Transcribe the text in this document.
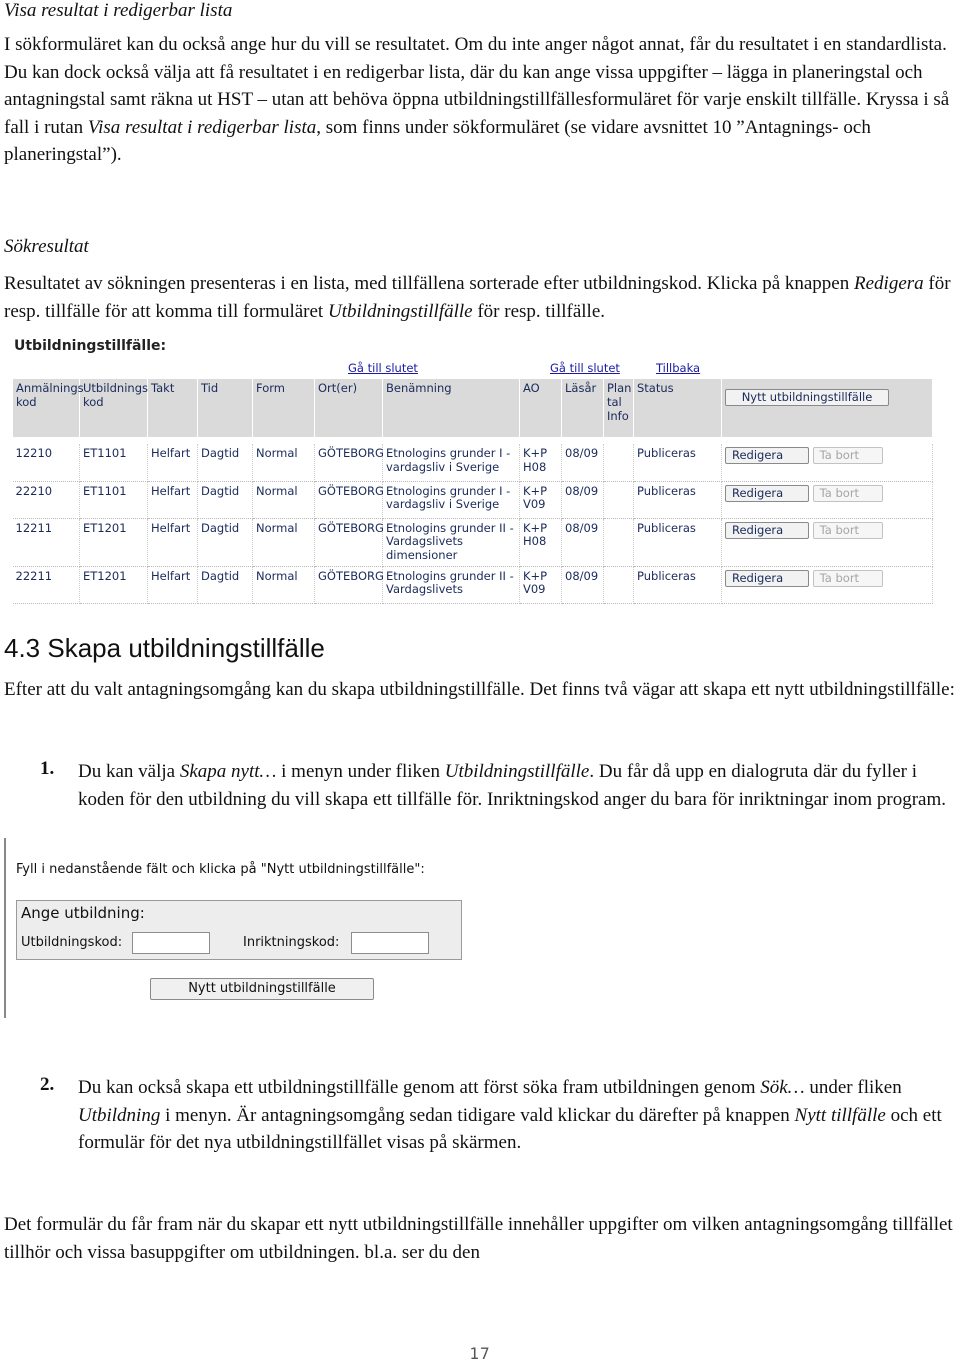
Visa resultat i redigerbar lista
I sökformuläret kan du också ange hur du vill se resultatet. Om du inte anger något annat, får du resultatet i en standardlista. Du kan dock också välja att få resultatet i en redigerbar lista, där du kan ange vissa uppgifter – lägga in planeringstal och antagningstal samt räkna ut HST – utan att behöva öppna utbildningstillfällesformuläret för varje enskilt tillfälle. Kryssa i så fall i rutan Visa resultat i redigerbar lista, som finns under sökformuläret (se vidare avsnittet 10 ”Antagnings- och planeringstal”).
Sökresultat
Resultatet av sökningen presenteras i en lista, med tillfällena sorterade efter utbildningskod. Klicka på knappen Redigera för resp. tillfälle för att komma till formuläret Utbildningstillfälle för resp. tillfälle.
Utbildningstillfälle:
Gå till slutet	Gå till slutet	Tillbaka
Anmälnings kod	Utbildnings kod	Takt	Tid	Form	Ort(er)	Benämning	AO	Läsår	Plan tal Info	Status	Nytt utbildningstillfälle

12210	ET1101	Helfart	Dagtid	Normal	GÖTEBORG	Etnologins grunder I - vardagsliv i Sverige	K+P H08	08/09		Publiceras	Redigera Ta bort
22210	ET1101	Helfart	Dagtid	Normal	GÖTEBORG	Etnologins grunder I - vardagsliv i Sverige	K+P V09	08/09		Publiceras	Redigera Ta bort
12211	ET1201	Helfart	Dagtid	Normal	GÖTEBORG	Etnologins grunder II - Vardagslivets dimensioner	K+P H08	08/09		Publiceras	Redigera Ta bort
22211	ET1201	Helfart	Dagtid	Normal	GÖTEBORG	Etnologins grunder II - Vardagslivets	K+P V09	08/09		Publiceras	Redigera Ta bort
4.3 Skapa utbildningstillfälle
Efter att du valt antagningsomgång kan du skapa utbildningstillfälle. Det finns två vägar att skapa ett nytt utbildningstillfälle:
1. Du kan välja Skapa nytt… i menyn under fliken Utbildningstillfälle. Du får då upp en dialogruta där du fyller i koden för den utbildning du vill skapa ett tillfälle för. Inriktningskod anger du bara för inriktningar inom program.
Fyll i nedanstående fält och klicka på "Nytt utbildningstillfälle":
Ange utbildning:
Utbildningskod:	Inriktningskod:
Nytt utbildningstillfälle
2. Du kan också skapa ett utbildningstillfälle genom att först söka fram utbildningen genom Sök… under fliken Utbildning i menyn. Är antagningsomgång sedan tidigare vald klickar du därefter på knappen Nytt tillfälle och ett formulär för det nya utbildningstillfället visas på skärmen.
Det formulär du får fram när du skapar ett nytt utbildningstillfälle innehåller uppgifter om vilken antagningsomgång tillfället tillhör och vissa basuppgifter om utbildningen. bl.a. ser du den
17
